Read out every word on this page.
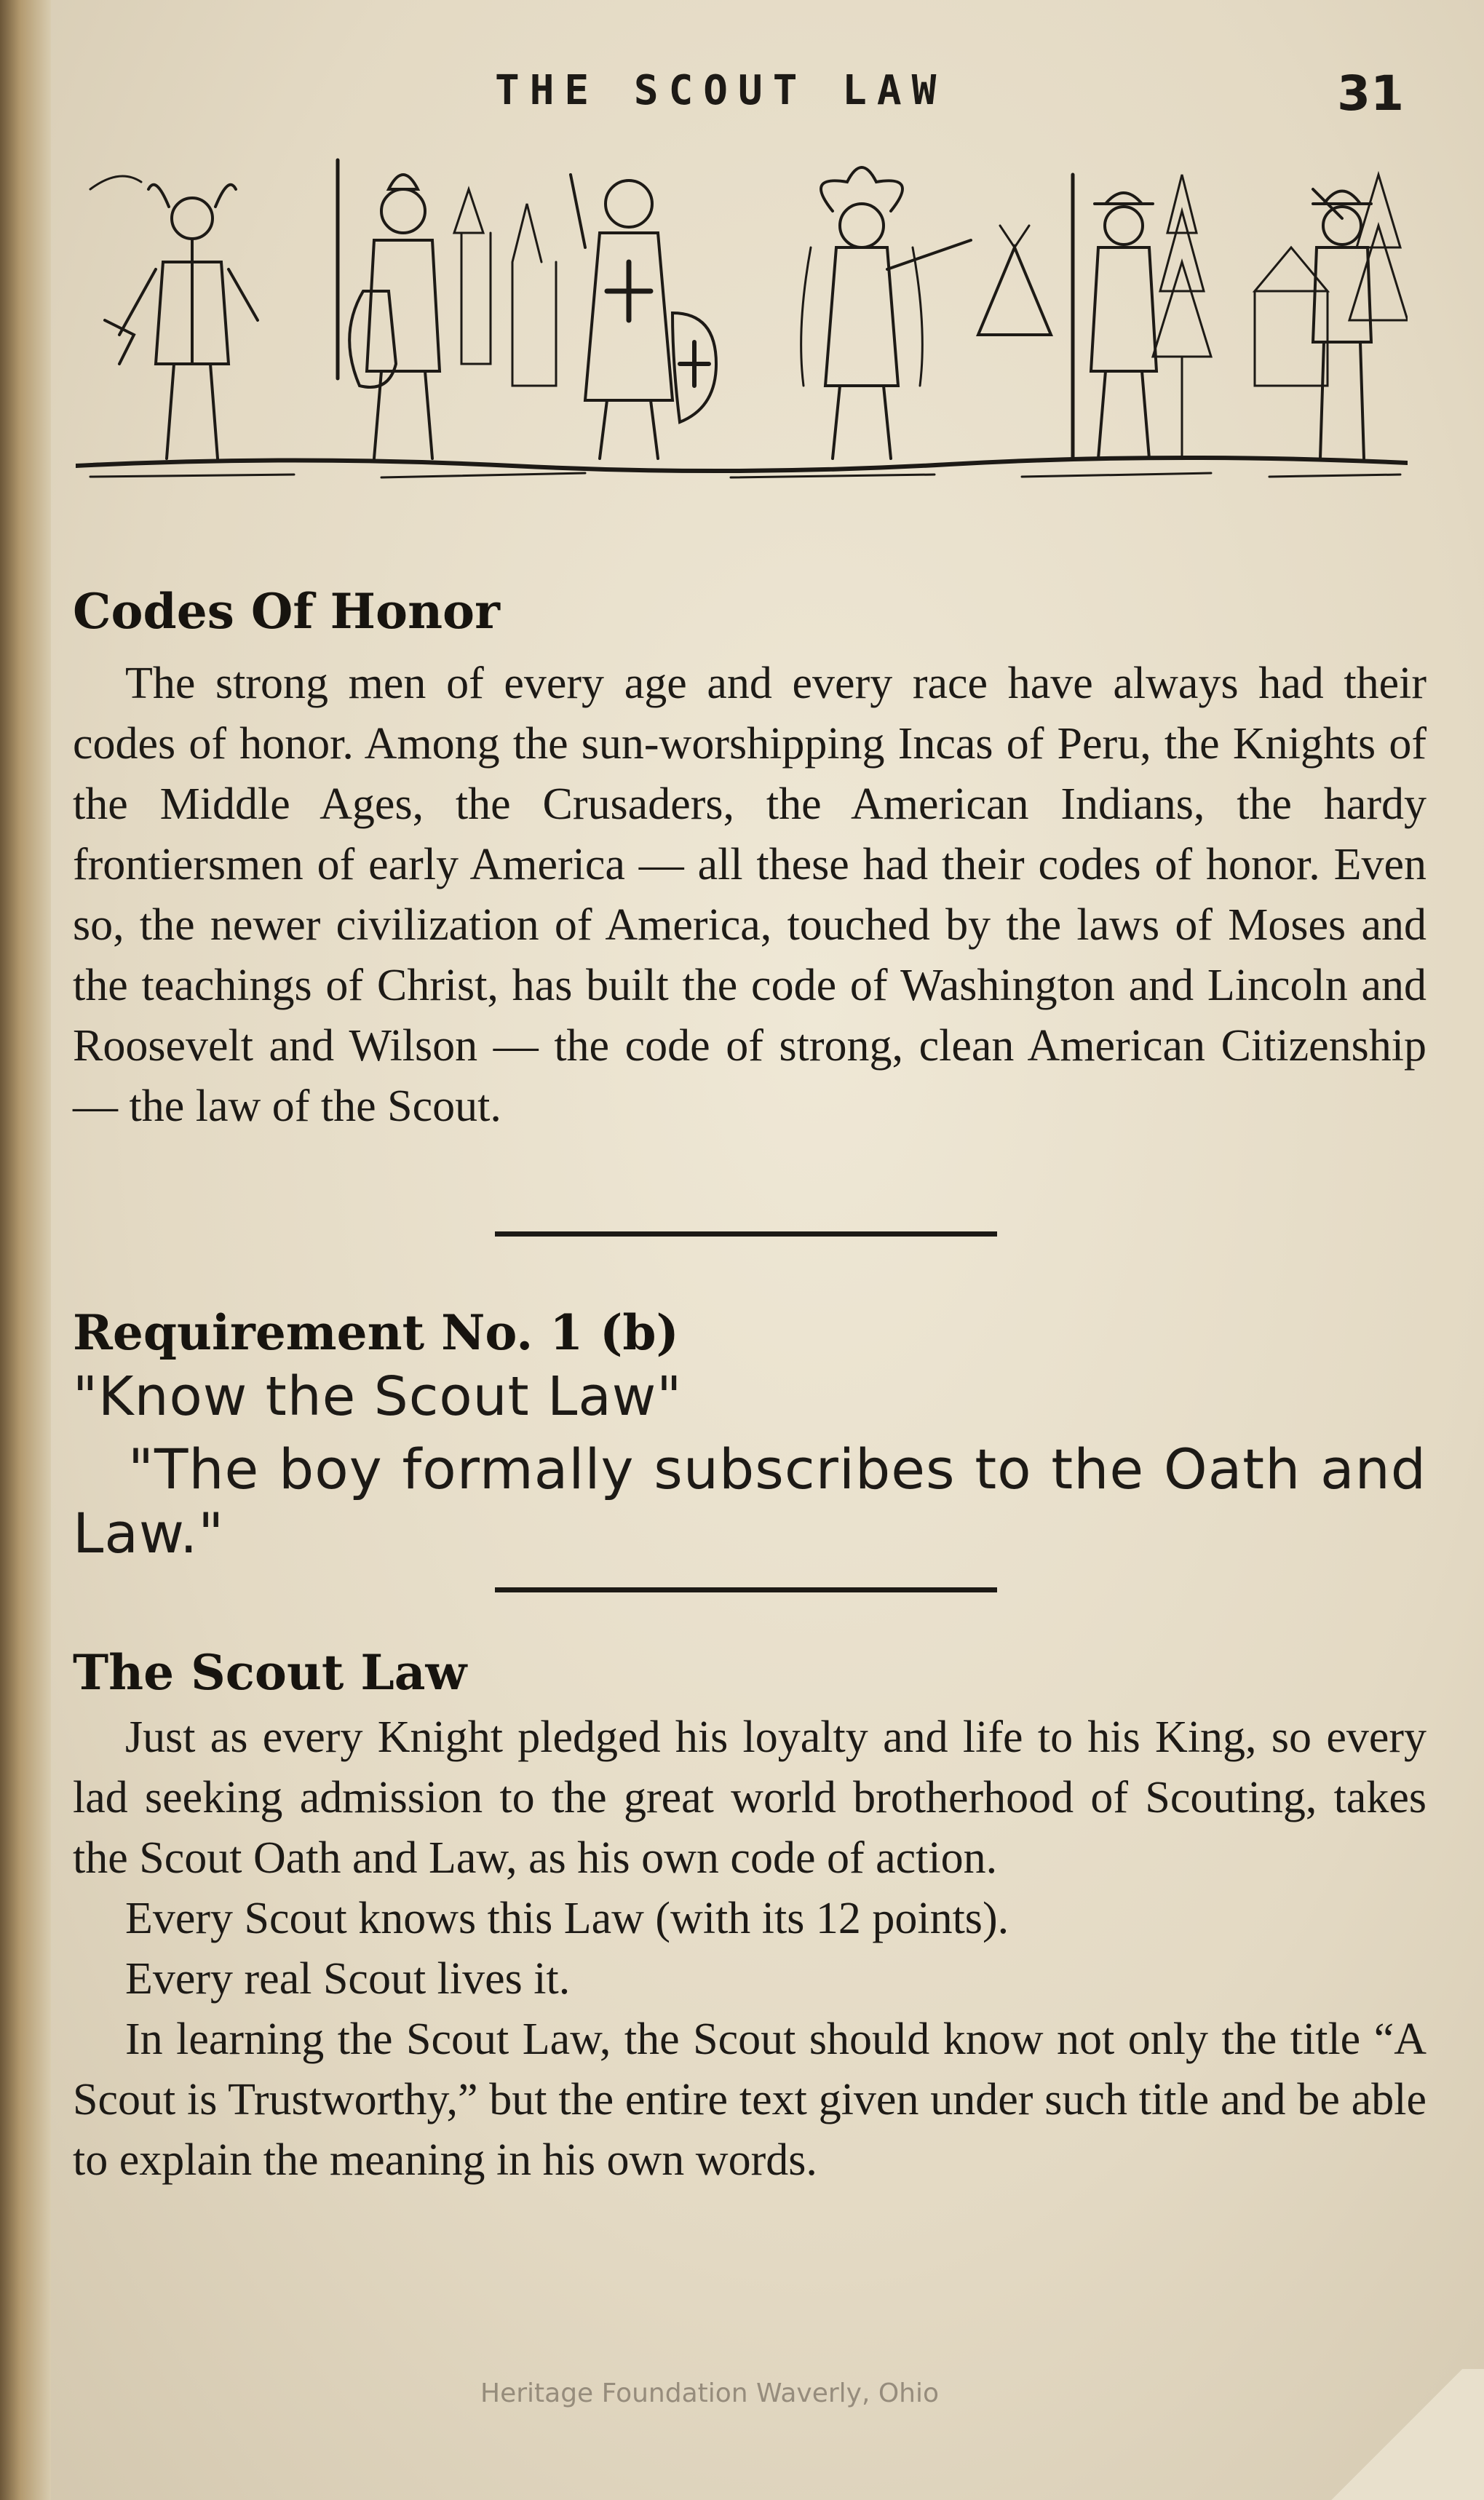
THE SCOUT LAW	31
Codes Of Honor

The strong men of every age and every race have always had their codes of honor. Among the sun-worshipping Incas of Peru, the Knights of the Middle Ages, the Crusaders, the American Indians, the hardy frontiersmen of early America — all these had their codes of honor. Even so, the newer civilization of America, touched by the laws of Moses and the teachings of Christ, has built the code of Washington and Lincoln and Roosevelt and Wilson — the code of strong, clean American Citizenship — the law of the Scout.

Requirement No. 1 (b)

"Know the Scout Law"

"The boy formally subscribes to the Oath and Law."

The Scout Law

Just as every Knight pledged his loyalty and life to his King, so every lad seeking admission to the great world brotherhood of Scouting, takes the Scout Oath and Law, as his own code of action.

Every Scout knows this Law (with its 12 points).

Every real Scout lives it.

In learning the Scout Law, the Scout should know not only the title “A Scout is Trustworthy,” but the entire text given under such title and be able to explain the meaning in his own words.

Heritage Foundation Waverly, Ohio
